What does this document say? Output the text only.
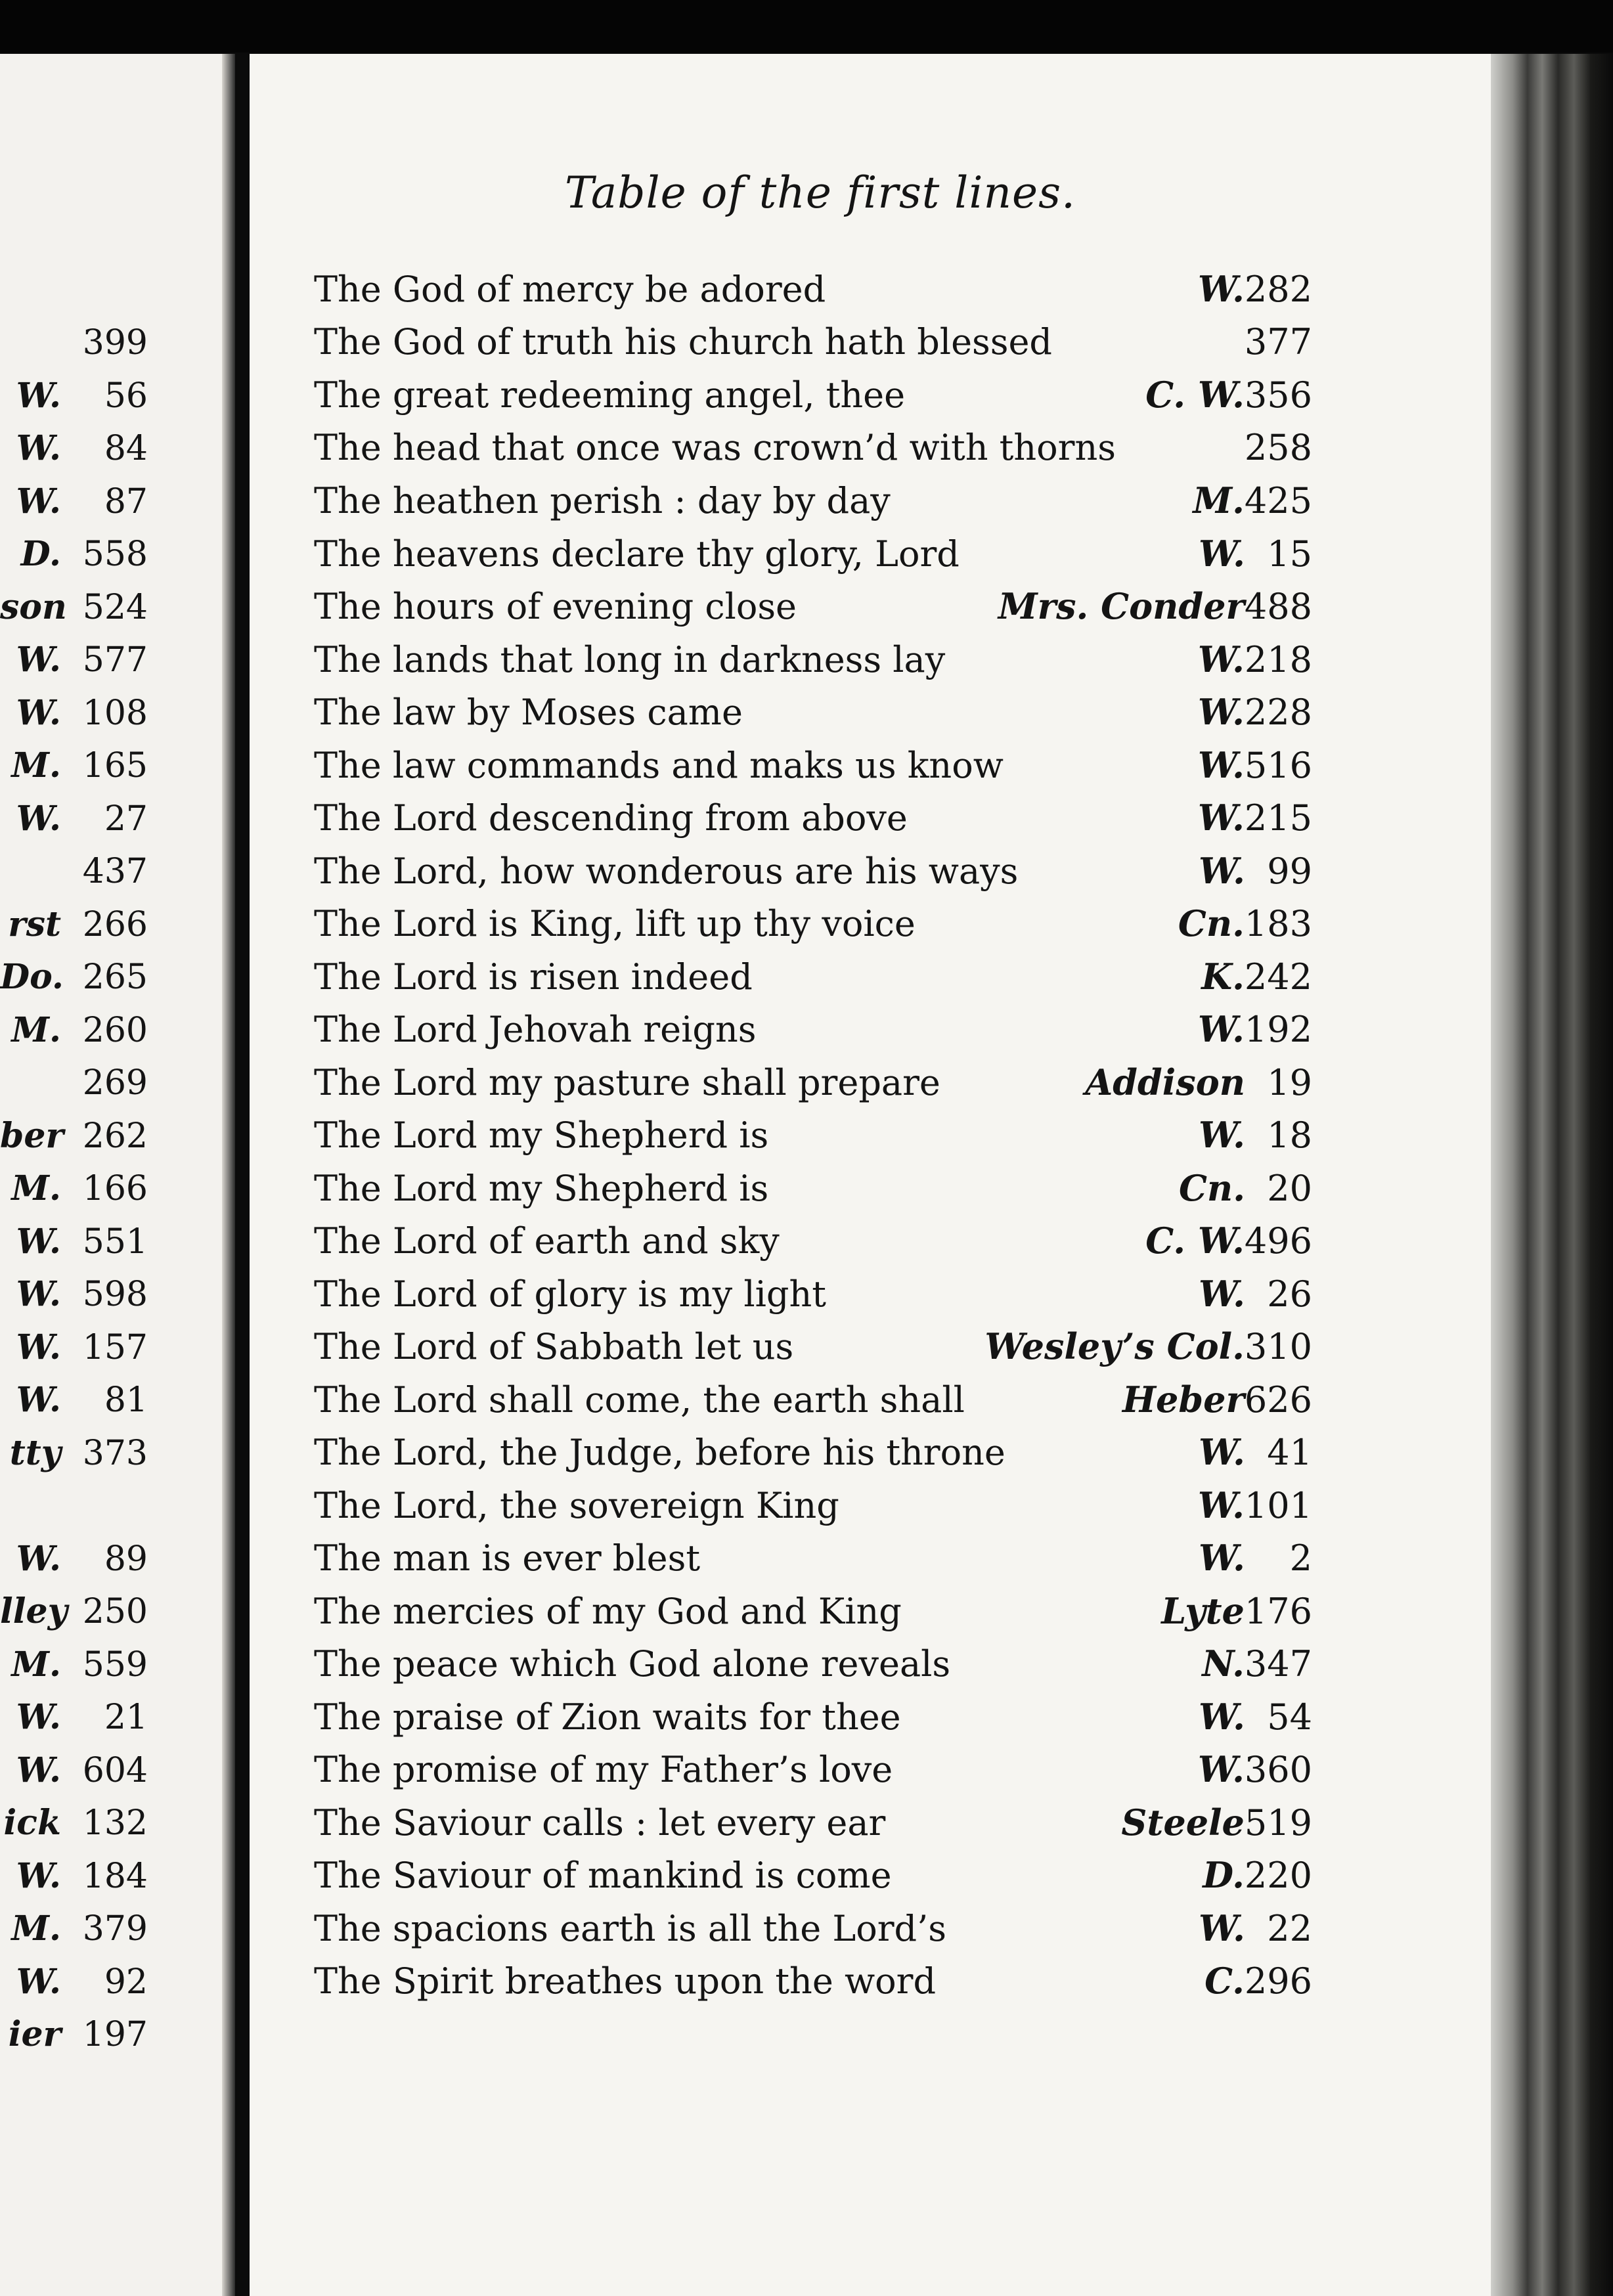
399
W.	56
W.	84
W.	87
D. 558
son 524
W. 577
W. 108
M. 165
W.	27
437
rst 266
Do. 265
M. 260
269
ber 262
M. 166
W. 551
W. 598
W. 157
W.	81
tty 373
W.	89
lley 250
M. 559
W.	21
W. 604
ick 132
W. 184
M. 379
W.	92
ier 197
Table of the first lines.
The God of mercy be adored	W. 282
The God of truth his church hath blessed	377
The great redeeming angel, thee	C. W. 356
The head that once was crown’d with thorns	258
The heathen perish : day by day	M. 425
The heavens declare thy glory, Lord	W. 15
The hours of evening close	Mrs. Conder 488
The lands that long in darkness lay	W. 218
The law by Moses came	W. 228
The law commands and maks us know	W. 516
The Lord descending from above	W. 215
The Lord, how wonderous are his ways	W. 99
The Lord is King, lift up thy voice	Cn. 183
The Lord is risen indeed	K. 242
The Lord Jehovah reigns	W. 192
The Lord my pasture shall prepare	Addison 19
The Lord my Shepherd is	W. 18
The Lord my Shepherd is	Cn. 20
The Lord of earth and sky	C. W. 496
The Lord of glory is my light	W. 26
The Lord of Sabbath let us	Wesley’s Col. 310
The Lord shall come, the earth shall	Heber 626
The Lord, the Judge, before his throne	W. 41
The Lord, the sovereign King	W. 101
The man is ever blest	W.	2
The mercies of my God and King	Lyte 176
The peace which God alone reveals	N. 347
The praise of Zion waits for thee	W. 54
The promise of my Father’s love	W. 360
The Saviour calls : let every ear	Steele 519
The Saviour of mankind is come	D. 220
The spacions earth is all the Lord’s	W. 22
The Spirit breathes upon the word	C. 296
